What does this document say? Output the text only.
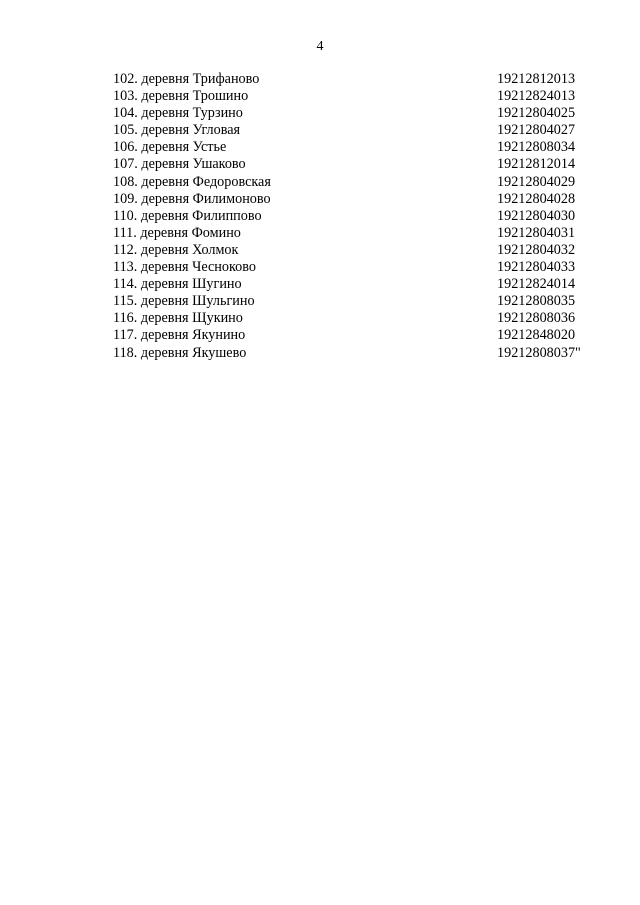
4
102. деревня Трифаново	19212812013
103. деревня Трошино	19212824013
104. деревня Турзино	19212804025
105. деревня Угловая	19212804027
106. деревня Устье	19212808034
107. деревня Ушаково	19212812014
108. деревня Федоровская	19212804029
109. деревня Филимоново	19212804028
110. деревня Филиппово	19212804030
111. деревня Фомино	19212804031
112. деревня Холмок	19212804032
113. деревня Чесноково	19212804033
114. деревня Шугино	19212824014
115. деревня Шульгино	19212808035
116. деревня Щукино	19212808036
117. деревня Якунино	19212848020
118. деревня Якушево	19212808037"
